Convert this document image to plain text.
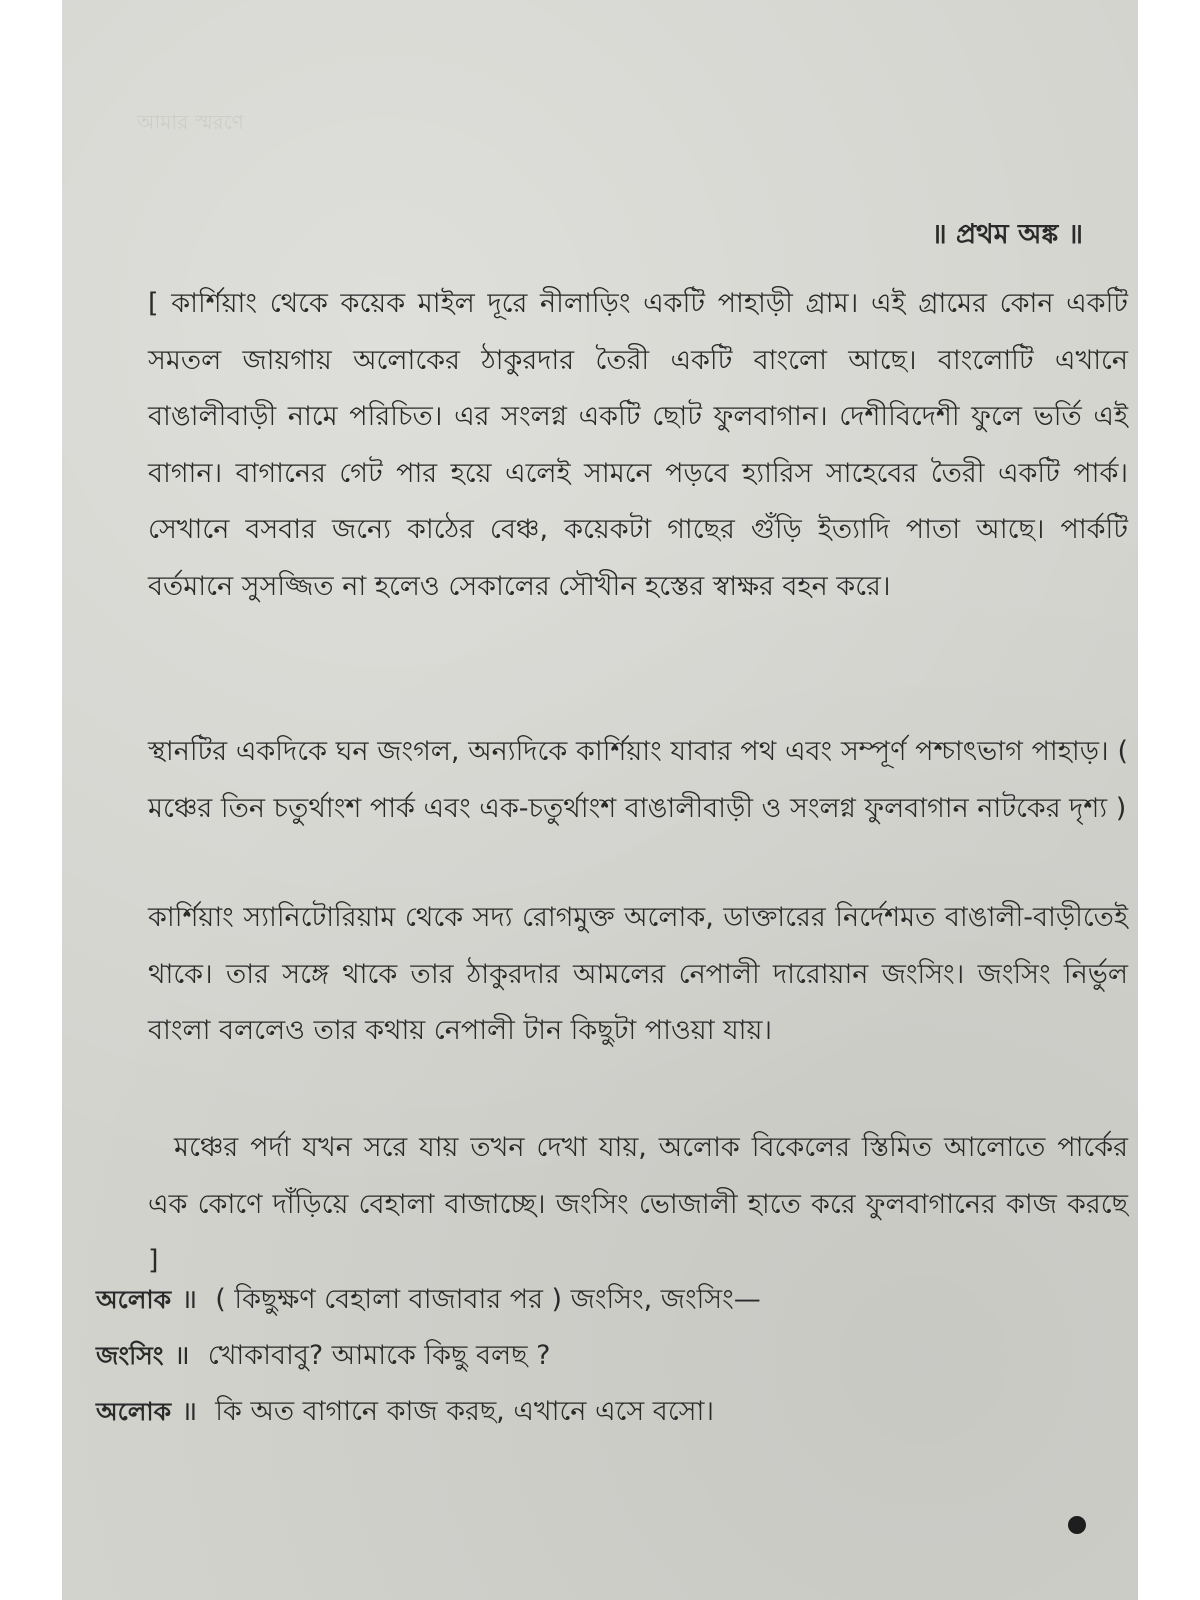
আমার স্মরণে
॥ প্রথম অঙ্ক ॥

[ কার্শিয়াং থেকে কয়েক মাইল দূরে নীলাড়িং একটি পাহাড়ী গ্রাম। এই গ্রামের কোন একটি সমতল জায়গায় অলোকের ঠাকুরদার তৈরী একটি বাংলো আছে। বাংলোটি এখানে বাঙালীবাড়ী নামে পরিচিত। এর সংলগ্ন একটি ছোট ফুলবাগান। দেশীবিদেশী ফুলে ভর্তি এই বাগান। বাগানের গেট পার হয়ে এলেই সামনে পড়বে হ্যারিস সাহেবের তৈরী একটি পার্ক। সেখানে বসবার জন্যে কাঠের বেঞ্চ, কয়েকটা গাছের গুঁড়ি ইত্যাদি পাতা আছে। পার্কটি বর্তমানে সুসজ্জিত না হলেও সেকালের সৌখীন হস্তের স্বাক্ষর বহন করে।

স্থানটির একদিকে ঘন জংগল, অন্যদিকে কার্শিয়াং যাবার পথ এবং সম্পূর্ণ পশ্চাৎভাগ পাহাড়। ( মঞ্চের তিন চতুর্থাংশ পার্ক এবং এক-চতুর্থাংশ বাঙালীবাড়ী ও সংলগ্ন ফুলবাগান নাটকের দৃশ্য )

কার্শিয়াং স্যানিটোরিয়াম থেকে সদ্য রোগমুক্ত অলোক, ডাক্তারের নির্দেশমত বাঙালী-বাড়ীতেই থাকে। তার সঙ্গে থাকে তার ঠাকুরদার আমলের নেপালী দারোয়ান জংসিং। জংসিং নির্ভুল বাংলা বললেও তার কথায় নেপালী টান কিছুটা পাওয়া যায়।

মঞ্চের পর্দা যখন সরে যায় তখন দেখা যায়, অলোক বিকেলের স্তিমিত আলোতে পার্কের এক কোণে দাঁড়িয়ে বেহালা বাজাচ্ছে। জংসিং ভোজালী হাতে করে ফুলবাগানের কাজ করছে ]

অলোক ॥ ( কিছুক্ষণ বেহালা বাজাবার পর ) জংসিং, জংসিং—
জংসিং ॥ খোকাবাবু? আমাকে কিছু বলছ ?
অলোক ॥ কি অত বাগানে কাজ করছ, এখানে এসে বসো।
